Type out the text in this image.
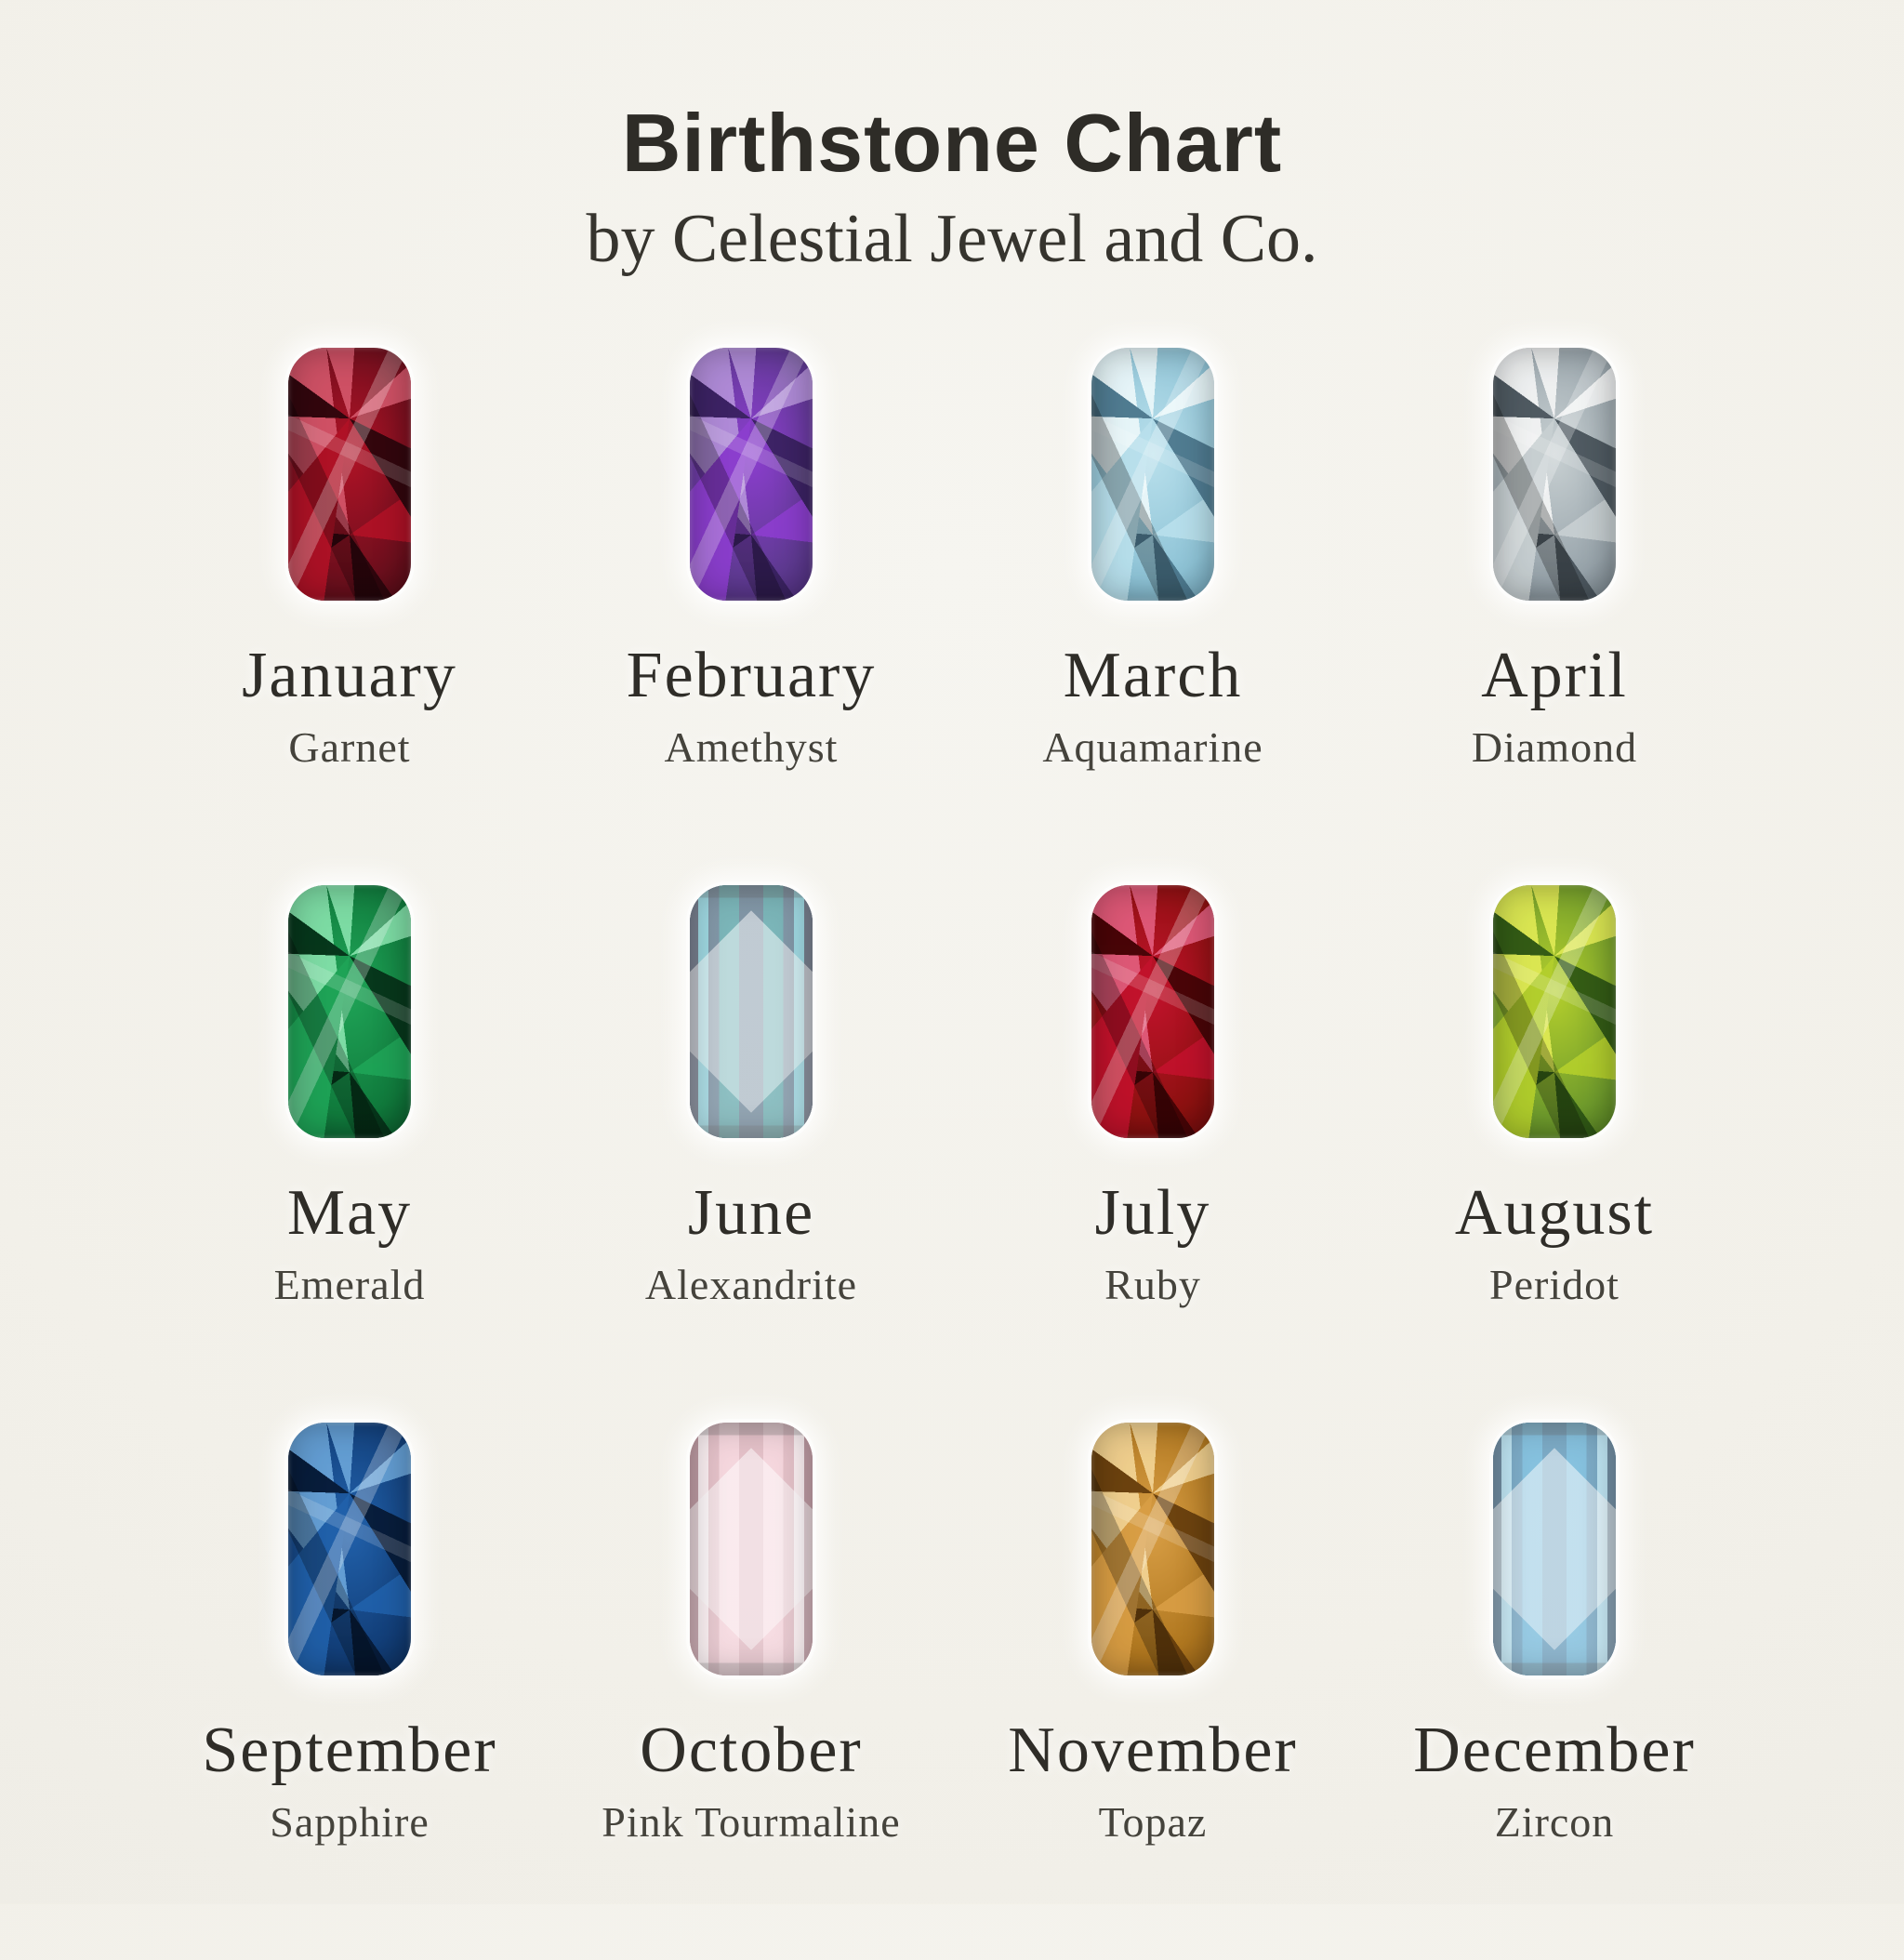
Birthstone Chart
by Celestial Jewel and Co.
January
Garnet
February
Amethyst
March
Aquamarine
April
Diamond
May
Emerald
June
Alexandrite
July
Ruby
August
Peridot
September
Sapphire
October
Pink Tourmaline
November
Topaz
December
Zircon
